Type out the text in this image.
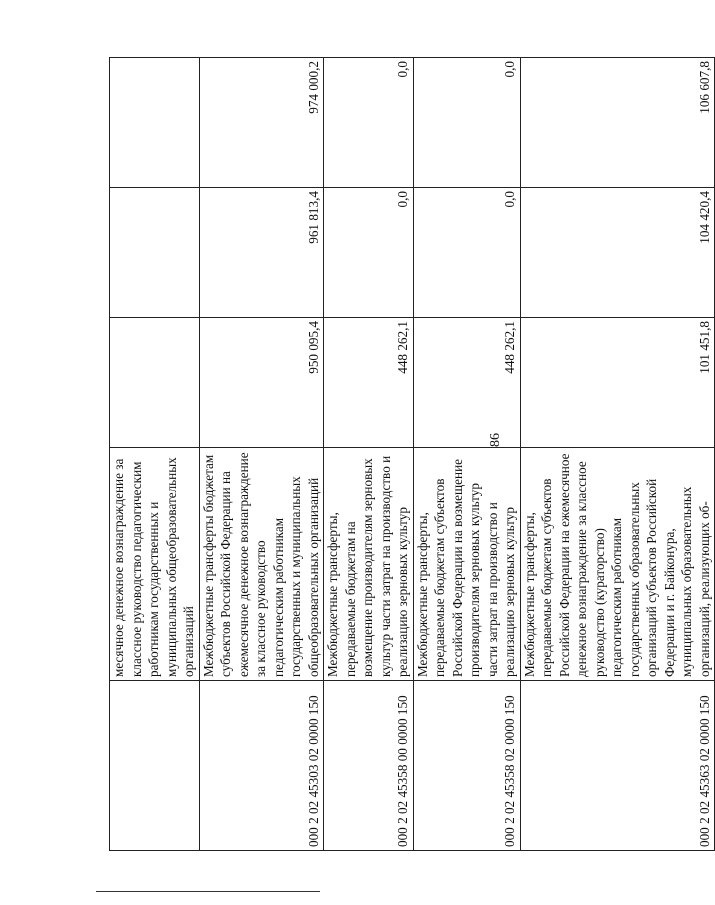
86
	месячное денежное вознаграждение за классное руководство педагогическим работникам государственных и муниципальных общеобразовательных организаций			
000 2 02 45303 02 0000 150	Межбюджетные трансферты бюджетам субъектов Российской Федерации на ежемесячное денежное вознаграждение за классное руководство педагогическим работникам государственных и муниципальных общеобразовательных организаций	950 095,4	961 813,4	974 000,2
000 2 02 45358 00 0000 150	Межбюджетные трансферты, передаваемые бюджетам на возмещение производителям зерновых культур части затрат на производство и реализацию зерновых культур	448 262,1	0,0	0,0
000 2 02 45358 02 0000 150	Межбюджетные трансферты, передаваемые бюджетам субъектов Российской Федерации на возмещение производителям зерновых культур части затрат на производство и реализацию зерновых культур	448 262,1	0,0	0,0
000 2 02 45363 02 0000 150	Межбюджетные трансферты, передаваемые бюджетам субъектов Российской Федерации на ежемесячное денежное вознаграждение за классное руководство (кураторство) педагогическим работникам государственных образовательных организаций субъектов Российской Федерации и г. Байконура, муниципальных образовательных организаций, реализующих об-	101 451,8	104 420,4	106 607,8
